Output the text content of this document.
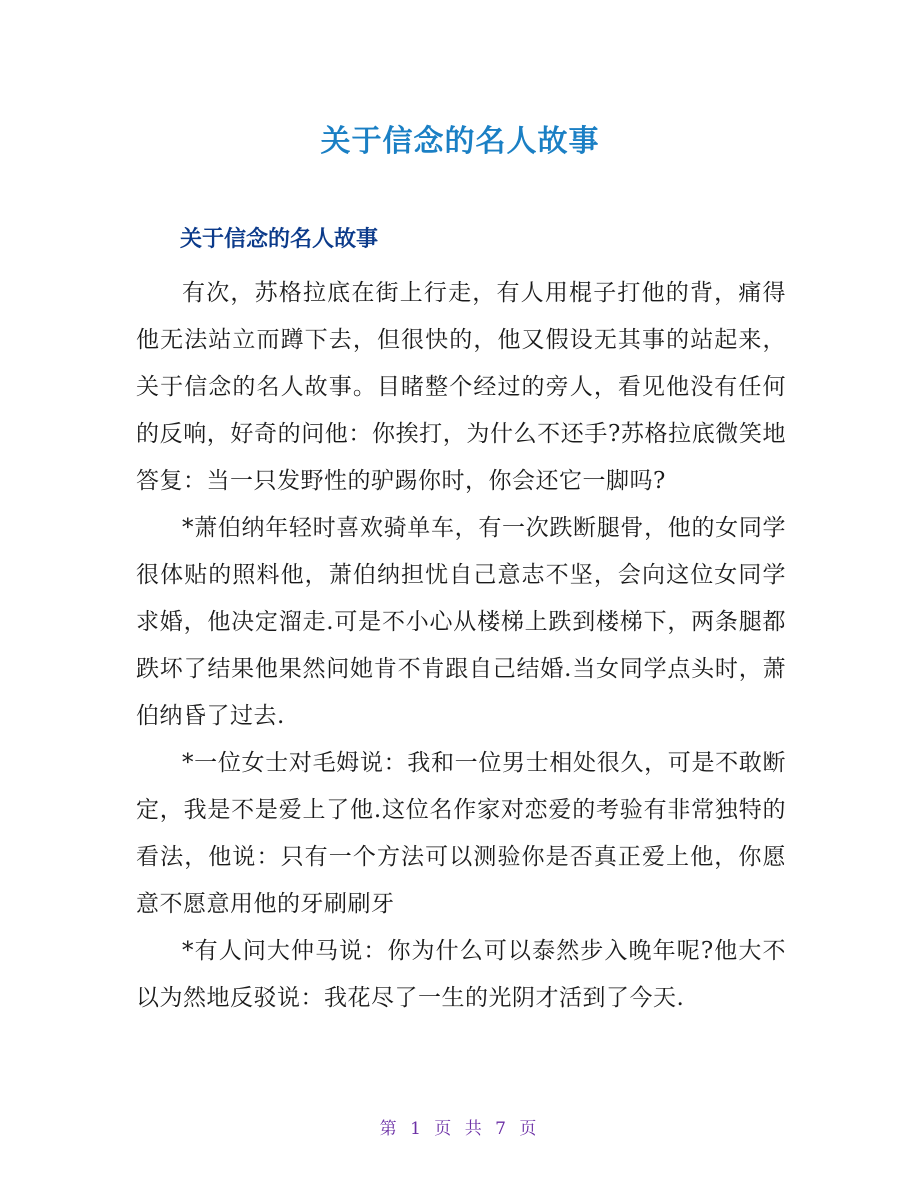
关于信念的名人故事
关于信念的名人故事

有次，苏格拉底在街上行走，有人用棍子打他的背，痛得他无法站立而蹲下去，但很快的，他又假设无其事的站起来，关于信念的名人故事。目睹整个经过的旁人，看见他没有任何的反响，好奇的问他：你挨打，为什么不还手?苏格拉底微笑地答复：当一只发野性的驴踢你时，你会还它一脚吗?

*萧伯纳年轻时喜欢骑单车，有一次跌断腿骨，他的女同学很体贴的照料他，萧伯纳担忧自己意志不坚，会向这位女同学求婚，他决定溜走.可是不小心从楼梯上跌到楼梯下，两条腿都跌坏了结果他果然问她肯不肯跟自己结婚.当女同学点头时，萧伯纳昏了过去.

*一位女士对毛姆说：我和一位男士相处很久，可是不敢断定，我是不是爱上了他.这位名作家对恋爱的考验有非常独特的看法，他说：只有一个方法可以测验你是否真正爱上他，你愿意不愿意用他的牙刷刷牙

*有人问大仲马说：你为什么可以泰然步入晚年呢?他大不以为然地反驳说：我花尽了一生的光阴才活到了今天.

第 1 页 共 7 页
